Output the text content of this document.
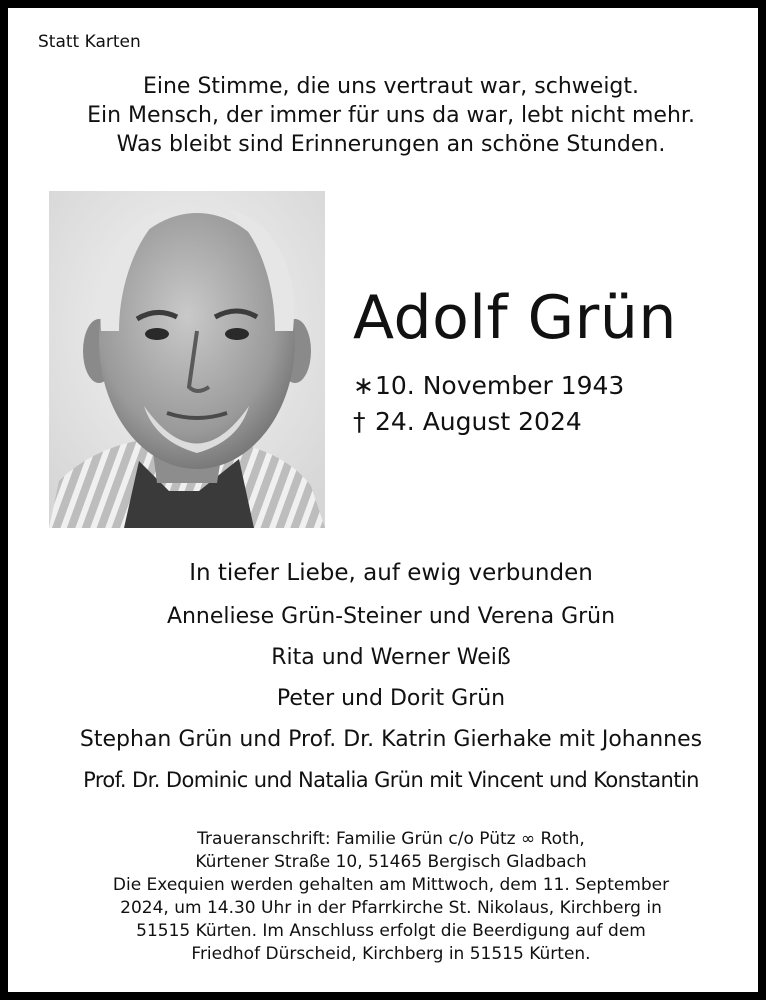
Statt Karten
Eine Stimme, die uns vertraut war, schweigt.
Ein Mensch, der immer für uns da war, lebt nicht mehr.
Was bleibt sind Erinnerungen an schöne Stunden.
Adolf Grün
∗10. November 1943
† 24. August 2024
In tiefer Liebe, auf ewig verbunden
Anneliese Grün-Steiner und Verena Grün
Rita und Werner Weiß
Peter und Dorit Grün
Stephan Grün und Prof. Dr. Katrin Gierhake mit Johannes
Prof. Dr. Dominic und Natalia Grün mit Vincent und Konstantin
Traueranschrift: Familie Grün c/o Pütz ∞ Roth,
Kürtener Straße 10, 51465 Bergisch Gladbach
Die Exequien werden gehalten am Mittwoch, dem 11. September
2024, um 14.30 Uhr in der Pfarrkirche St. Nikolaus, Kirchberg in
51515 Kürten. Im Anschluss erfolgt die Beerdigung auf dem
Friedhof Dürscheid, Kirchberg in 51515 Kürten.
